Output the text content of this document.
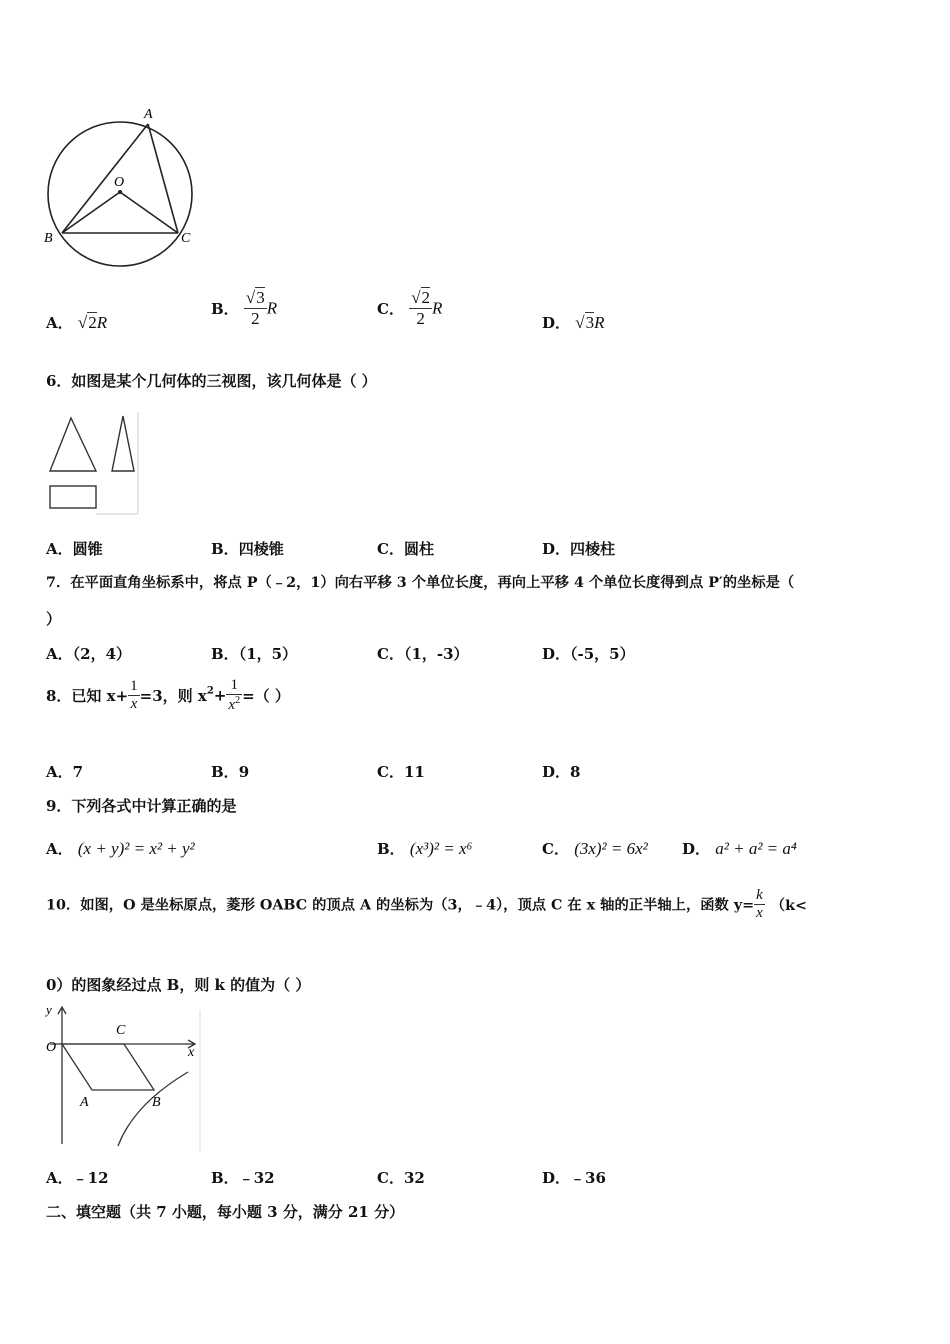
A
O
B	C
A． √2R
B． $\frac{√3}{2}$ R	C． $\frac{√2}{2}$ R
D． √3R
6．如图是某个几何体的三视图，该几何体是（ ）
A．圆锥	B．四棱锥	C．圆柱	D．四棱柱
7．在平面直角坐标系中，将点 P（﹣2，1）向右平移 3 个单位长度，再向上平移 4 个单位长度得到点 P′的坐标是（
）
A．（2，4）	B．（1，5）	C．（1，-3）	D．（-5，5）
8．已知 $x+ \frac{1}{x} =3$，则 $x^2+ \frac{1}{x^2}$ =（ ）
A．7	B．9	C．11	D．8
9．下列各式中计算正确的是
A． (x + y)² = x² + y²	B． (x³)² = x⁶	C． (3x)² = 6x² D． a² + a² = a⁴
10．如图，O 是坐标原点，菱形 OABC 的顶点 A 的坐标为（3，﹣4），顶点 C 在 x 轴的正半轴上，函数 $y= \frac{k}{x} (k<$
0）的图象经过点 B，则 k 的值为（ ）
y
O
C
x
A	B
A．﹣12	B．﹣32	C．32	D．﹣36
二、填空题（共 7 小题，每小题 3 分，满分 21 分）
